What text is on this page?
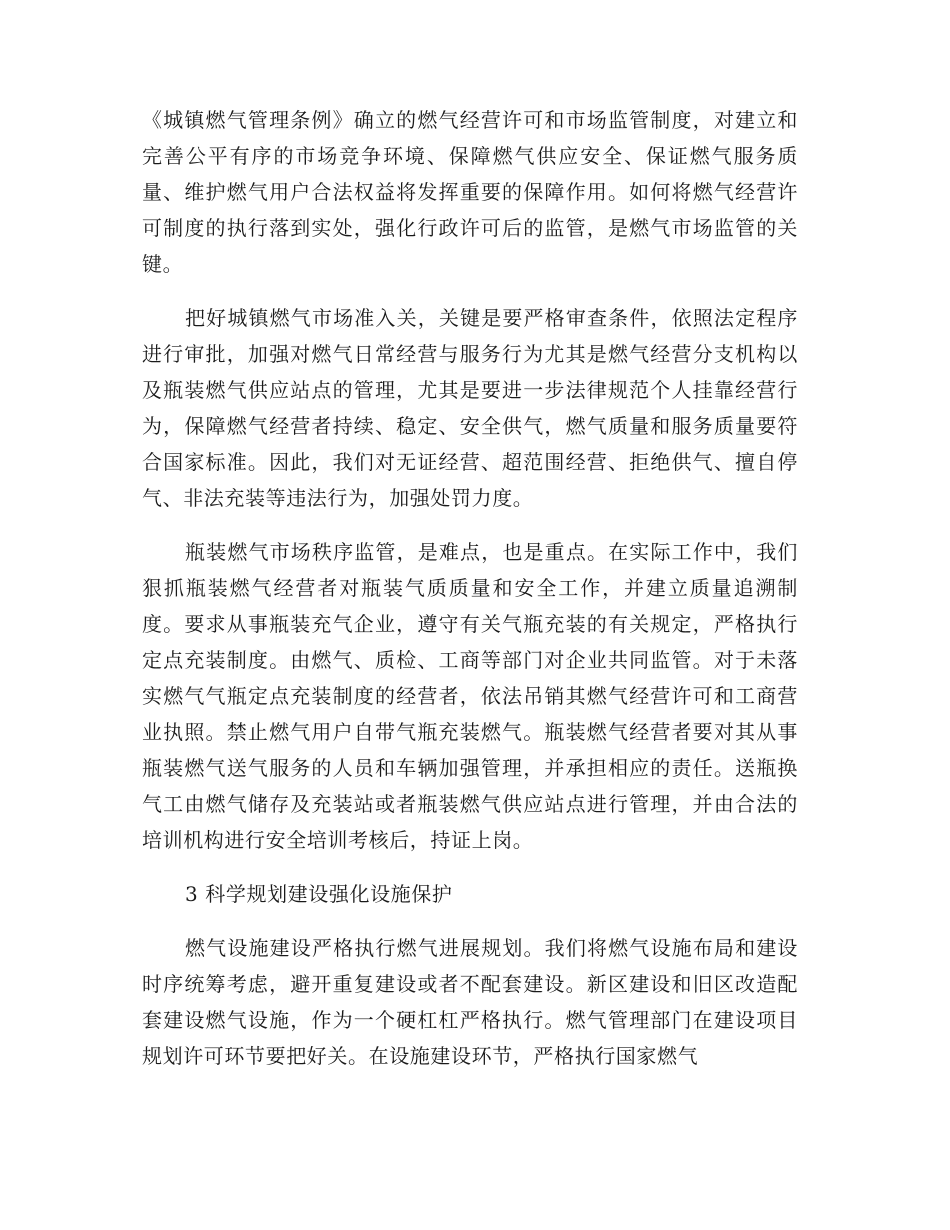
《城镇燃气管理条例》确立的燃气经营许可和市场监管制度，对建立和完善公平有序的市场竞争环境、保障燃气供应安全、保证燃气服务质量、维护燃气用户合法权益将发挥重要的保障作用。如何将燃气经营许可制度的执行落到实处，强化行政许可后的监管，是燃气市场监管的关键。

把好城镇燃气市场准入关，关键是要严格审查条件，依照法定程序进行审批，加强对燃气日常经营与服务行为尤其是燃气经营分支机构以及瓶装燃气供应站点的管理，尤其是要进一步法律规范个人挂靠经营行为，保障燃气经营者持续、稳定、安全供气，燃气质量和服务质量要符合国家标准。因此，我们对无证经营、超范围经营、拒绝供气、擅自停气、非法充装等违法行为，加强处罚力度。

瓶装燃气市场秩序监管，是难点，也是重点。在实际工作中，我们狠抓瓶装燃气经营者对瓶装气质质量和安全工作，并建立质量追溯制度。要求从事瓶装充气企业，遵守有关气瓶充装的有关规定，严格执行定点充装制度。由燃气、质检、工商等部门对企业共同监管。对于未落实燃气气瓶定点充装制度的经营者，依法吊销其燃气经营许可和工商营业执照。禁止燃气用户自带气瓶充装燃气。瓶装燃气经营者要对其从事瓶装燃气送气服务的人员和车辆加强管理，并承担相应的责任。送瓶换气工由燃气储存及充装站或者瓶装燃气供应站点进行管理，并由合法的培训机构进行安全培训考核后，持证上岗。

3 科学规划建设强化设施保护

燃气设施建设严格执行燃气进展规划。我们将燃气设施布局和建设时序统筹考虑，避开重复建设或者不配套建设。新区建设和旧区改造配套建设燃气设施，作为一个硬杠杠严格执行。燃气管理部门在建设项目规划许可环节要把好关。在设施建设环节，严格执行国家燃气
